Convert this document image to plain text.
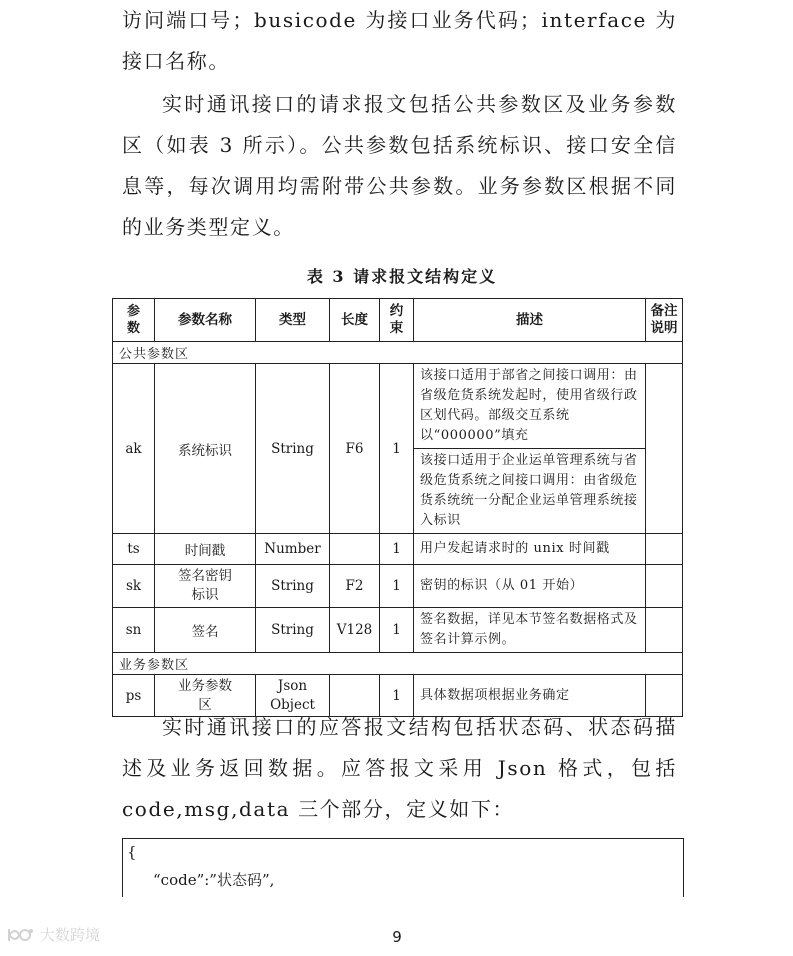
访问端口号；busicode 为接口业务代码；interface 为接口名称。

实时通讯接口的请求报文包括公共参数区及业务参数区（如表 3 所示）。公共参数包括系统标识、接口安全信息等，每次调用均需附带公共参数。业务参数区根据不同的业务类型定义。

表 3 请求报文结构定义
参数	参数名称	类型	长度	约束	描述	备注说明

公共参数区						
ak	系统标识	String	F6	1	该接口适用于部省之间接口调用：由省级危货系统发起时，使用省级行政区划代码。部级交互系统以“000000”填充
该接口适用于企业运单管理系统与省级危货系统之间接口调用：由省级危货系统统一分配企业运单管理系统接入标识	

ts	时间戳	Number		1	用户发起请求时的 unix 时间戳	
sk	签名密钥标识	String	F2	1	密钥的标识（从 01 开始）	
sn	签名	String	V128	1	签名数据，详见本节签名数据格式及签名计算示例。	
业务参数区						
ps	业务参数区	Json Object		1	具体数据项根据业务确定	

实时通讯接口的应答报文结构包括状态码、状态码描述及业务返回数据。应答报文采用 Json 格式，包括 code,msg,data 三个部分，定义如下：

{
“code”:”状态码”,
9
大数跨境
